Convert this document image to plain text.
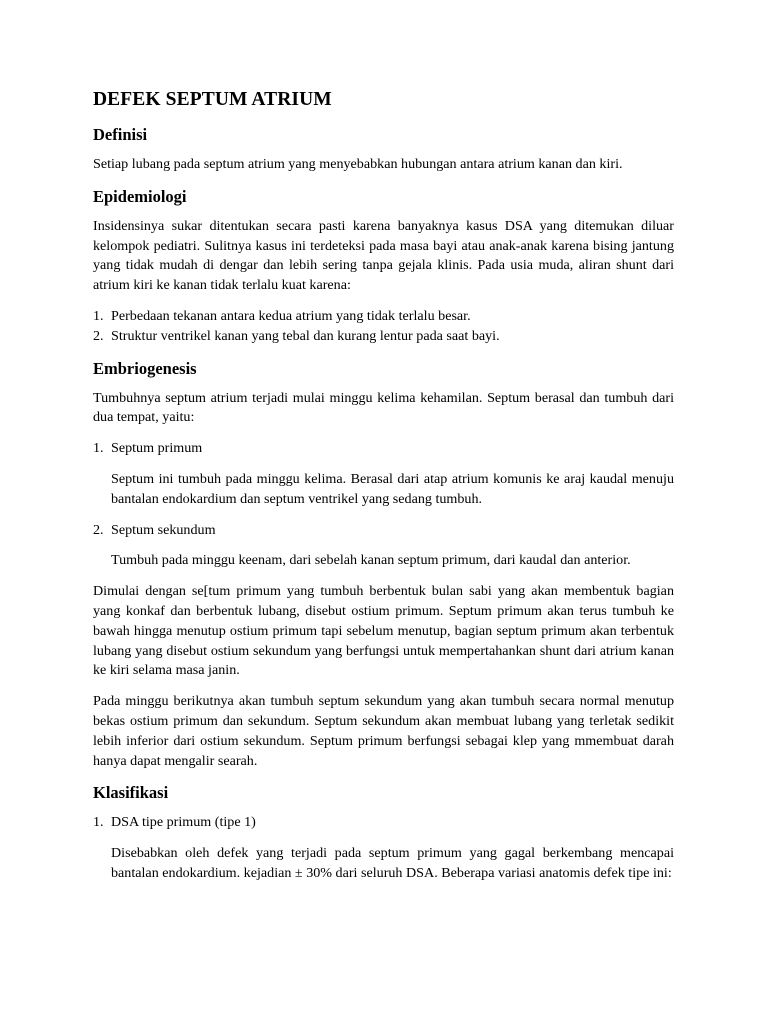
DEFEK SEPTUM ATRIUM
Definisi

Setiap lubang pada septum atrium yang menyebabkan hubungan antara atrium kanan dan kiri.

Epidemiologi

Insidensinya sukar ditentukan secara pasti karena banyaknya kasus DSA yang ditemukan diluar kelompok pediatri. Sulitnya kasus ini terdeteksi pada masa bayi atau anak-anak karena bising jantung yang tidak mudah di dengar dan lebih sering tanpa gejala klinis. Pada usia muda, aliran shunt dari atrium kiri ke kanan tidak terlalu kuat karena:

1. Perbedaan tekanan antara kedua atrium yang tidak terlalu besar.
2. Struktur ventrikel kanan yang tebal dan kurang lentur pada saat bayi.
Embriogenesis

Tumbuhnya septum atrium terjadi mulai minggu kelima kehamilan. Septum berasal dan tumbuh dari dua tempat, yaitu:

1. Septum primum

Septum ini tumbuh pada minggu kelima. Berasal dari atap atrium komunis ke araj kaudal menuju bantalan endokardium dan septum ventrikel yang sedang tumbuh.

2. Septum sekundum

Tumbuh pada minggu keenam, dari sebelah kanan septum primum, dari kaudal dan anterior.

Dimulai dengan se[tum primum yang tumbuh berbentuk bulan sabi yang akan membentuk bagian yang konkaf dan berbentuk lubang, disebut ostium primum. Septum primum akan terus tumbuh ke bawah hingga menutup ostium primum tapi sebelum menutup, bagian septum primum akan terbentuk lubang yang disebut ostium sekundum yang berfungsi untuk mempertahankan shunt dari atrium kanan ke kiri selama masa janin.

Pada minggu berikutnya akan tumbuh septum sekundum yang akan tumbuh secara normal menutup bekas ostium primum dan sekundum. Septum sekundum akan membuat lubang yang terletak sedikit lebih inferior dari ostium sekundum. Septum primum berfungsi sebagai klep yang mmembuat darah hanya dapat mengalir searah.

Klasifikasi
1. DSA tipe primum (tipe 1)

Disebabkan oleh defek yang terjadi pada septum primum yang gagal berkembang mencapai bantalan endokardium. kejadian ± 30% dari seluruh DSA. Beberapa variasi anatomis defek tipe ini:
